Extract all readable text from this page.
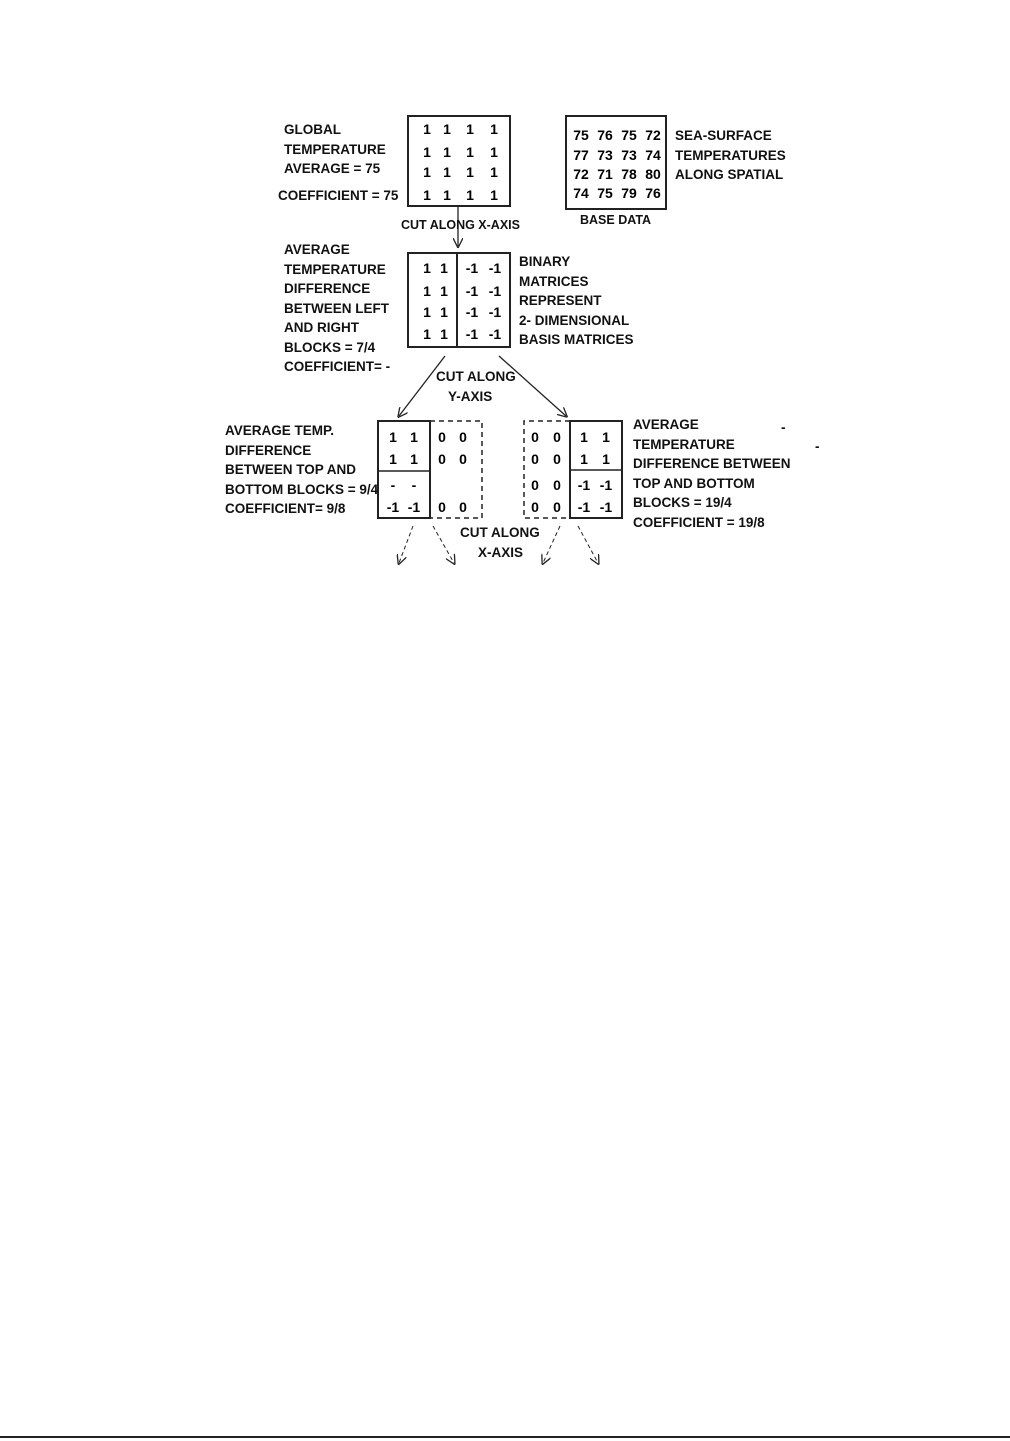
1 1 1 1
1 1 1 1
1 1 1 1
1 1 1 1
75 76 75 72
77 73 73 74
72 71 78 80
74 75 79 76
1 1 -1 -1
1 1 -1 -1
1 1 -1 -1
1 1 -1 -1
1 1
1 1
- -
-1 -1
0 0
0 0
0 0
0 0
0 0
0 0
0 0
1 1
1 1
-1 -1
-1 -1
GLOBAL
TEMPERATURE
AVERAGE = 75
COEFFICIENT = 75
SEA-SURFACE
TEMPERATURES
ALONG SPATIAL
BASE DATA
CUT ALONG X-AXIS
AVERAGE
TEMPERATURE
DIFFERENCE
BETWEEN LEFT
AND RIGHT
BLOCKS = 7/4
COEFFICIENT= -
BINARY
MATRICES
REPRESENT
2- DIMENSIONAL
BASIS MATRICES
CUT ALONG
Y-AXIS
AVERAGE TEMP.
DIFFERENCE
BETWEEN TOP AND
BOTTOM BLOCKS = 9/4
COEFFICIENT= 9/8
AVERAGE
TEMPERATURE
DIFFERENCE BETWEEN
TOP AND BOTTOM
BLOCKS = 19/4
COEFFICIENT = 19/8
-
-
CUT ALONG
X-AXIS
